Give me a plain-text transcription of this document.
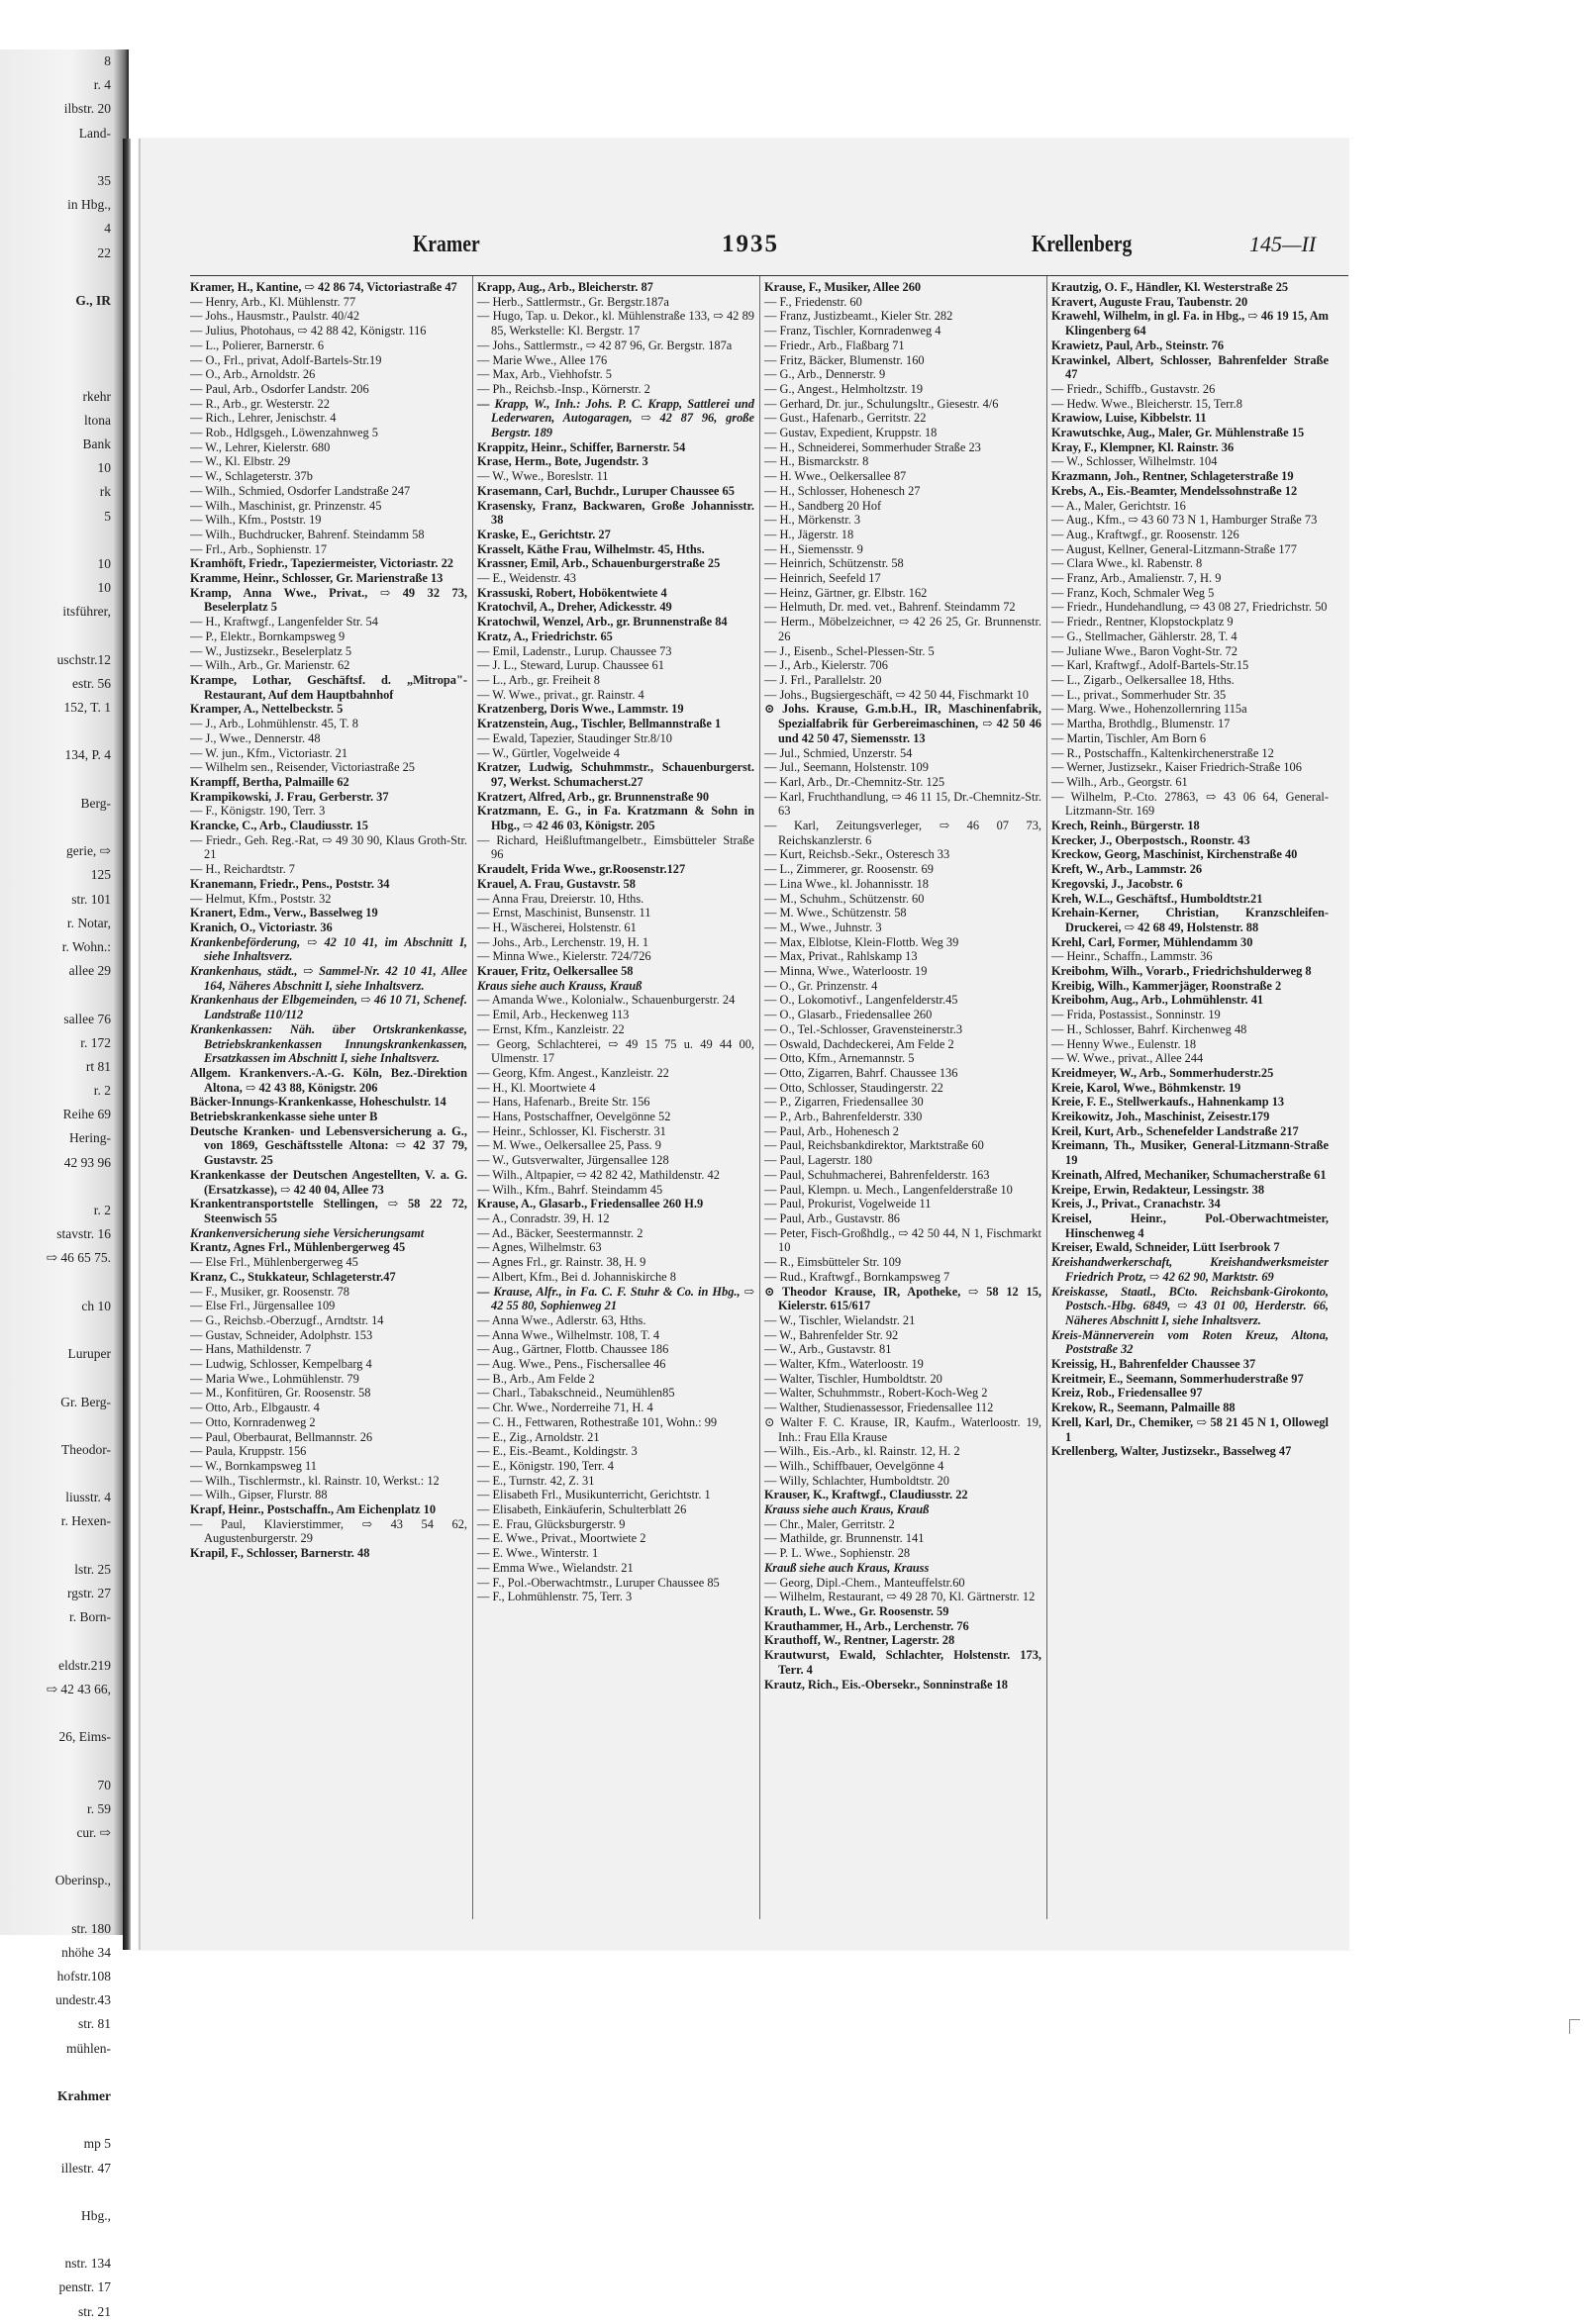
8
r. 4
ilbstr. 20
Land-
35
in Hbg.,
4
22
G., IR
rkehr
ltona
Bank
10
rk
5
10
10
itsführer,
uschstr.12
estr. 56
152, T. 1
134, P. 4
Berg-
gerie, ⇨
125
str. 101
r. Notar,
r. Wohn.:
allee 29
sallee 76
r. 172
rt 81
r. 2
Reihe 69
Hering-
42 93 96
r. 2
stavstr. 16
⇨ 46 65 75.
ch 10
Luruper
Gr. Berg-
Theodor-
liusstr. 4
r. Hexen-
lstr. 25
rgstr. 27
r. Born-
eldstr.219
⇨ 42 43 66,
26, Eims-
70
r. 59
cur. ⇨
Oberinsp.,
str. 180
nhöhe 34
hofstr.108
undestr.43
str. 81
mühlen-
Krahmer
mp 5
illestr. 47
Hbg.,
nstr. 134
penstr. 17
str. 21
Kramer	1935	Krellenberg	145—II

Kramer, H., Kantine, ⇨ 42 86 74, Victoriastraße 47

— Henry, Arb., Kl. Mühlenstr. 77

— Johs., Hausmstr., Paulstr. 40/42

— Julius, Photohaus, ⇨ 42 88 42, Königstr. 116

— L., Polierer, Barnerstr. 6

— O., Frl., privat, Adolf-Bartels-Str.19

— O., Arb., Arnoldstr. 26

— Paul, Arb., Osdorfer Landstr. 206

— R., Arb., gr. Westerstr. 22

— Rich., Lehrer, Jenischstr. 4

— Rob., Hdlgsgeh., Löwenzahnweg 5

— W., Lehrer, Kielerstr. 680

— W., Kl. Elbstr. 29

— W., Schlageterstr. 37b

— Wilh., Schmied, Osdorfer Landstraße 247

— Wilh., Maschinist, gr. Prinzenstr. 45

— Wilh., Kfm., Poststr. 19

— Wilh., Buchdrucker, Bahrenf. Steindamm 58

— Frl., Arb., Sophienstr. 17

Kramhöft, Friedr., Tapeziermeister, Victoriastr. 22

Kramme, Heinr., Schlosser, Gr. Marienstraße 13

Kramp, Anna Wwe., Privat., ⇨ 49 32 73, Beselerplatz 5

— H., Kraftwgf., Langenfelder Str. 54

— P., Elektr., Bornkampsweg 9

— W., Justizsekr., Beselerplatz 5

— Wilh., Arb., Gr. Marienstr. 62

Krampe, Lothar, Geschäftsf. d. „Mitropa"-Restaurant, Auf dem Hauptbahnhof

Kramper, A., Nettelbeckstr. 5

— J., Arb., Lohmühlenstr. 45, T. 8

— J., Wwe., Dennerstr. 48

— W. jun., Kfm., Victoriastr. 21

— Wilhelm sen., Reisender, Victoriastraße 25

Krampff, Bertha, Palmaille 62

Krampikowski, J. Frau, Gerberstr. 37

— F., Königstr. 190, Terr. 3

Krancke, C., Arb., Claudiusstr. 15

— Friedr., Geh. Reg.-Rat, ⇨ 49 30 90, Klaus Groth-Str. 21

— H., Reichardtstr. 7

Kranemann, Friedr., Pens., Poststr. 34

— Helmut, Kfm., Poststr. 32

Kranert, Edm., Verw., Basselweg 19

Kranich, O., Victoriastr. 36

Krankenbeförderung, ⇨ 42 10 41, im Abschnitt I, siehe Inhaltsverz.

Krankenhaus, städt., ⇨ Sammel-Nr. 42 10 41, Allee 164, Näheres Abschnitt I, siehe Inhaltsverz.

Krankenhaus der Elbgemeinden, ⇨ 46 10 71, Schenef. Landstraße 110/112

Krankenkassen: Näh. über Ortskrankenkasse, Betriebskrankenkassen Innungskrankenkassen, Ersatzkassen im Abschnitt I, siehe Inhaltsverz.

Allgem. Krankenvers.-A.-G. Köln, Bez.-Direktion Altona, ⇨ 42 43 88, Königstr. 206

Bäcker-Innungs-Krankenkasse, Hoheschulstr. 14

Betriebskrankenkasse siehe unter B

Deutsche Kranken- und Lebensversicherung a. G., von 1869, Geschäftsstelle Altona: ⇨ 42 37 79, Gustavstr. 25

Krankenkasse der Deutschen Angestellten, V. a. G. (Ersatzkasse), ⇨ 42 40 04, Allee 73

Krankentransportstelle Stellingen, ⇨ 58 22 72, Steenwisch 55

Krankenversicherung siehe Versicherungsamt

Krantz, Agnes Frl., Mühlenbergerweg 45

— Else Frl., Mühlenbergerweg 45

Kranz, C., Stukkateur, Schlageterstr.47

— F., Musiker, gr. Roosenstr. 78

— Else Frl., Jürgensallee 109

— G., Reichsb.-Oberzugf., Arndtstr. 14

— Gustav, Schneider, Adolphstr. 153

— Hans, Mathildenstr. 7

— Ludwig, Schlosser, Kempelbarg 4

— Maria Wwe., Lohmühlenstr. 79

— M., Konfitüren, Gr. Roosenstr. 58

— Otto, Arb., Elbgaustr. 4

— Otto, Kornradenweg 2

— Paul, Oberbaurat, Bellmannstr. 26

— Paula, Kruppstr. 156

— W., Bornkampsweg 11

— Wilh., Tischlermstr., kl. Rainstr. 10, Werkst.: 12

— Wilh., Gipser, Flurstr. 88

Krapf, Heinr., Postschaffn., Am Eichenplatz 10

— Paul, Klavierstimmer, ⇨ 43 54 62, Augustenburgerstr. 29

Krapil, F., Schlosser, Barnerstr. 48

Krapp, Aug., Arb., Bleicherstr. 87

— Herb., Sattlermstr., Gr. Bergstr.187a

— Hugo, Tap. u. Dekor., kl. Mühlenstraße 133, ⇨ 42 89 85, Werkstelle: Kl. Bergstr. 17

— Johs., Sattlermstr., ⇨ 42 87 96, Gr. Bergstr. 187a

— Marie Wwe., Allee 176

— Max, Arb., Viehhofstr. 5

— Ph., Reichsb.-Insp., Körnerstr. 2

— Krapp, W., Inh.: Johs. P. C. Krapp, Sattlerei und Lederwaren, Autogaragen, ⇨ 42 87 96, große Bergstr. 189

Krappitz, Heinr., Schiffer, Barnerstr. 54

Krase, Herm., Bote, Jugendstr. 3

— W., Wwe., Boreslstr. 11

Krasemann, Carl, Buchdr., Luruper Chaussee 65

Krasensky, Franz, Backwaren, Große Johannisstr. 38

Kraske, E., Gerichtstr. 27

Krasselt, Käthe Frau, Wilhelmstr. 45, Hths.

Krassner, Emil, Arb., Schauenburgerstraße 25

— E., Weidenstr. 43

Krassuski, Robert, Hobökentwiete 4

Kratochvil, A., Dreher, Adickesstr. 49

Kratochwil, Wenzel, Arb., gr. Brunnenstraße 84

Kratz, A., Friedrichstr. 65

— Emil, Ladenstr., Lurup. Chaussee 73

— J. L., Steward, Lurup. Chaussee 61

— L., Arb., gr. Freiheit 8

— W. Wwe., privat., gr. Rainstr. 4

Kratzenberg, Doris Wwe., Lammstr. 19

Kratzenstein, Aug., Tischler, Bellmannstraße 1

— Ewald, Tapezier, Staudinger Str.8/10

— W., Gürtler, Vogelweide 4

Kratzer, Ludwig, Schuhmmstr., Schauenburgerst. 97, Werkst. Schumacherst.27

Kratzert, Alfred, Arb., gr. Brunnenstraße 90

Kratzmann, E. G., in Fa. Kratzmann & Sohn in Hbg., ⇨ 42 46 03, Königstr. 205

— Richard, Heißluftmangelbetr., Eimsbütteler Straße 96

Kraudelt, Frida Wwe., gr.Roosenstr.127

Krauel, A. Frau, Gustavstr. 58

— Anna Frau, Dreierstr. 10, Hths.

— Ernst, Maschinist, Bunsenstr. 11

— H., Wäscherei, Holstenstr. 61

— Johs., Arb., Lerchenstr. 19, H. 1

— Minna Wwe., Kielerstr. 724/726

Krauer, Fritz, Oelkersallee 58

Kraus siehe auch Krauss, Krauß

— Amanda Wwe., Kolonialw., Schauenburgerstr. 24

— Emil, Arb., Heckenweg 113

— Ernst, Kfm., Kanzleistr. 22

— Georg, Schlachterei, ⇨ 49 15 75 u. 49 44 00, Ulmenstr. 17

— Georg, Kfm. Angest., Kanzleistr. 22

— H., Kl. Moortwiete 4

— Hans, Hafenarb., Breite Str. 156

— Hans, Postschaffner, Oevelgönne 52

— Heinr., Schlosser, Kl. Fischerstr. 31

— M. Wwe., Oelkersallee 25, Pass. 9

— W., Gutsverwalter, Jürgensallee 128

— Wilh., Altpapier, ⇨ 42 82 42, Mathildenstr. 42

— Wilh., Kfm., Bahrf. Steindamm 45

Krause, A., Glasarb., Friedensallee 260 H.9

— A., Conradstr. 39, H. 12

— Ad., Bäcker, Seestermannstr. 2

— Agnes, Wilhelmstr. 63

— Agnes Frl., gr. Rainstr. 38, H. 9

— Albert, Kfm., Bei d. Johanniskirche 8

— Krause, Alfr., in Fa. C. F. Stuhr & Co. in Hbg., ⇨ 42 55 80, Sophienweg 21

— Anna Wwe., Adlerstr. 63, Hths.

— Anna Wwe., Wilhelmstr. 108, T. 4

— Aug., Gärtner, Flottb. Chaussee 186

— Aug. Wwe., Pens., Fischersallee 46

— B., Arb., Am Felde 2

— Charl., Tabakschneid., Neumühlen85

— Chr. Wwe., Norderreihe 71, H. 4

— C. H., Fettwaren, Rothestraße 101, Wohn.: 99

— E., Zig., Arnoldstr. 21

— E., Eis.-Beamt., Koldingstr. 3

— E., Königstr. 190, Terr. 4

— E., Turnstr. 42, Z. 31

— Elisabeth Frl., Musikunterricht, Gerichtstr. 1

— Elisabeth, Einkäuferin, Schulterblatt 26

— E. Frau, Glücksburgerstr. 9

— E. Wwe., Privat., Moortwiete 2

— E. Wwe., Winterstr. 1

— Emma Wwe., Wielandstr. 21

— F., Pol.-Oberwachtmstr., Luruper Chaussee 85

— F., Lohmühlenstr. 75, Terr. 3

Krause, F., Musiker, Allee 260

— F., Friedenstr. 60

— Franz, Justizbeamt., Kieler Str. 282

— Franz, Tischler, Kornradenweg 4

— Friedr., Arb., Flaßbarg 71

— Fritz, Bäcker, Blumenstr. 160

— G., Arb., Dennerstr. 9

— G., Angest., Helmholtzstr. 19

— Gerhard, Dr. jur., Schulungsltr., Giesestr. 4/6

— Gust., Hafenarb., Gerritstr. 22

— Gustav, Expedient, Kruppstr. 18

— H., Schneiderei, Sommerhuder Straße 23

— H., Bismarckstr. 8

— H. Wwe., Oelkersallee 87

— H., Schlosser, Hohenesch 27

— H., Sandberg 20 Hof

— H., Mörkenstr. 3

— H., Jägerstr. 18

— H., Siemensstr. 9

— Heinrich, Schützenstr. 58

— Heinrich, Seefeld 17

— Heinz, Gärtner, gr. Elbstr. 162

— Helmuth, Dr. med. vet., Bahrenf. Steindamm 72

— Herm., Möbelzeichner, ⇨ 42 26 25, Gr. Brunnenstr. 26

— J., Eisenb., Schel-Plessen-Str. 5

— J., Arb., Kielerstr. 706

— J. Frl., Parallelstr. 20

— Johs., Bugsiergeschäft, ⇨ 42 50 44, Fischmarkt 10

⊙ Johs. Krause, G.m.b.H., IR, Maschinenfabrik, Spezialfabrik für Gerbereimaschinen, ⇨ 42 50 46 und 42 50 47, Siemensstr. 13

— Jul., Schmied, Unzerstr. 54

— Jul., Seemann, Holstenstr. 109

— Karl, Arb., Dr.-Chemnitz-Str. 125

— Karl, Fruchthandlung, ⇨ 46 11 15, Dr.-Chemnitz-Str. 63

— Karl, Zeitungsverleger, ⇨ 46 07 73, Reichskanzlerstr. 6

— Kurt, Reichsb.-Sekr., Osteresch 33

— L., Zimmerer, gr. Roosenstr. 69

— Lina Wwe., kl. Johannisstr. 18

— M., Schuhm., Schützenstr. 60

— M. Wwe., Schützenstr. 58

— M., Wwe., Juhnstr. 3

— Max, Elblotse, Klein-Flottb. Weg 39

— Max, Privat., Rahlskamp 13

— Minna, Wwe., Waterloostr. 19

— O., Gr. Prinzenstr. 4

— O., Lokomotivf., Langenfelderstr.45

— O., Glasarb., Friedensallee 260

— O., Tel.-Schlosser, Gravensteinerstr.3

— Oswald, Dachdeckerei, Am Felde 2

— Otto, Kfm., Arnemannstr. 5

— Otto, Zigarren, Bahrf. Chaussee 136

— Otto, Schlosser, Staudingerstr. 22

— P., Zigarren, Friedensallee 30

— P., Arb., Bahrenfelderstr. 330

— Paul, Arb., Hohenesch 2

— Paul, Reichsbankdirektor, Marktstraße 60

— Paul, Lagerstr. 180

— Paul, Schuhmacherei, Bahrenfelderstr. 163

— Paul, Klempn. u. Mech., Langenfelderstraße 10

— Paul, Prokurist, Vogelweide 11

— Paul, Arb., Gustavstr. 86

— Peter, Fisch-Großhdlg., ⇨ 42 50 44, N 1, Fischmarkt 10

— R., Eimsbütteler Str. 109

— Rud., Kraftwgf., Bornkampsweg 7

⊙ Theodor Krause, IR, Apotheke, ⇨ 58 12 15, Kielerstr. 615/617

— W., Tischler, Wielandstr. 21

— W., Bahrenfelder Str. 92

— W., Arb., Gustavstr. 81

— Walter, Kfm., Waterloostr. 19

— Walter, Tischler, Humboldtstr. 20

— Walter, Schuhmmstr., Robert-Koch-Weg 2

— Walther, Studienassessor, Friedensallee 112

⊙ Walter F. C. Krause, IR, Kaufm., Waterloostr. 19, Inh.: Frau Ella Krause

— Wilh., Eis.-Arb., kl. Rainstr. 12, H. 2

— Wilh., Schiffbauer, Oevelgönne 4

— Willy, Schlachter, Humboldtstr. 20

Krauser, K., Kraftwgf., Claudiusstr. 22

Krauss siehe auch Kraus, Krauß

— Chr., Maler, Gerritstr. 2

— Mathilde, gr. Brunnenstr. 141

— P. L. Wwe., Sophienstr. 28

Krauß siehe auch Kraus, Krauss

— Georg, Dipl.-Chem., Manteuffelstr.60

— Wilhelm, Restaurant, ⇨ 49 28 70, Kl. Gärtnerstr. 12

Krauth, L. Wwe., Gr. Roosenstr. 59

Krauthammer, H., Arb., Lerchenstr. 76

Krauthoff, W., Rentner, Lagerstr. 28

Krautwurst, Ewald, Schlachter, Holstenstr. 173, Terr. 4

Krautz, Rich., Eis.-Obersekr., Sonninstraße 18

Krautzig, O. F., Händler, Kl. Westerstraße 25

Kravert, Auguste Frau, Taubenstr. 20

Krawehl, Wilhelm, in gl. Fa. in Hbg., ⇨ 46 19 15, Am Klingenberg 64

Krawietz, Paul, Arb., Steinstr. 76

Krawinkel, Albert, Schlosser, Bahrenfelder Straße 47

— Friedr., Schiffb., Gustavstr. 26

— Hedw. Wwe., Bleicherstr. 15, Terr.8

Krawiow, Luise, Kibbelstr. 11

Krawutschke, Aug., Maler, Gr. Mühlenstraße 15

Kray, F., Klempner, Kl. Rainstr. 36

— W., Schlosser, Wilhelmstr. 104

Krazmann, Joh., Rentner, Schlageterstraße 19

Krebs, A., Eis.-Beamter, Mendelssohnstraße 12

— A., Maler, Gerichtstr. 16

— Aug., Kfm., ⇨ 43 60 73 N 1, Hamburger Straße 73

— Aug., Kraftwgf., gr. Roosenstr. 126

— August, Kellner, General-Litzmann-Straße 177

— Clara Wwe., kl. Rabenstr. 8

— Franz, Arb., Amalienstr. 7, H. 9

— Franz, Koch, Schmaler Weg 5

— Friedr., Hundehandlung, ⇨ 43 08 27, Friedrichstr. 50

— Friedr., Rentner, Klopstockplatz 9

— G., Stellmacher, Gählerstr. 28, T. 4

— Juliane Wwe., Baron Voght-Str. 72

— Karl, Kraftwgf., Adolf-Bartels-Str.15

— L., Zigarb., Oelkersallee 18, Hths.

— L., privat., Sommerhuder Str. 35

— Marg. Wwe., Hohenzollernring 115a

— Martha, Brothdlg., Blumenstr. 17

— Martin, Tischler, Am Born 6

— R., Postschaffn., Kaltenkirchenerstraße 12

— Werner, Justizsekr., Kaiser Friedrich-Straße 106

— Wilh., Arb., Georgstr. 61

— Wilhelm, P.-Cto. 27863, ⇨ 43 06 64, General-Litzmann-Str. 169

Krech, Reinh., Bürgerstr. 18

Krecker, J., Oberpostsch., Roonstr. 43

Kreckow, Georg, Maschinist, Kirchenstraße 40

Kreft, W., Arb., Lammstr. 26

Kregovski, J., Jacobstr. 6

Kreh, W.L., Geschäftsf., Humboldtstr.21

Krehain-Kerner, Christian, Kranzschleifen-Druckerei, ⇨ 42 68 49, Holstenstr. 88

Krehl, Carl, Former, Mühlendamm 30

— Heinr., Schaffn., Lammstr. 36

Kreibohm, Wilh., Vorarb., Friedrichshulderweg 8

Kreibig, Wilh., Kammerjäger, Roonstraße 2

Kreibohm, Aug., Arb., Lohmühlenstr. 41

— Frida, Postassist., Sonninstr. 19

— H., Schlosser, Bahrf. Kirchenweg 48

— Henny Wwe., Eulenstr. 18

— W. Wwe., privat., Allee 244

Kreidmeyer, W., Arb., Sommerhuderstr.25

Kreie, Karol, Wwe., Böhmkenstr. 19

Kreie, F. E., Stellwerkaufs., Hahnenkamp 13

Kreikowitz, Joh., Maschinist, Zeisestr.179

Kreil, Kurt, Arb., Schenefelder Landstraße 217

Kreimann, Th., Musiker, General-Litzmann-Straße 19

Kreinath, Alfred, Mechaniker, Schumacherstraße 61

Kreipe, Erwin, Redakteur, Lessingstr. 38

Kreis, J., Privat., Cranachstr. 34

Kreisel, Heinr., Pol.-Oberwachtmeister, Hinschenweg 4

Kreiser, Ewald, Schneider, Lütt Iserbrook 7

Kreishandwerkerschaft, Kreishandwerksmeister Friedrich Protz, ⇨ 42 62 90, Marktstr. 69

Kreiskasse, Staatl., BCto. Reichsbank-Girokonto, Postsch.-Hbg. 6849, ⇨ 43 01 00, Herderstr. 66, Näheres Abschnitt I, siehe Inhaltsverz.

Kreis-Männerverein vom Roten Kreuz, Altona, Poststraße 32

Kreissig, H., Bahrenfelder Chaussee 37

Kreitmeir, E., Seemann, Sommerhuderstraße 97

Kreiz, Rob., Friedensallee 97

Krekow, R., Seemann, Palmaille 88

Krell, Karl, Dr., Chemiker, ⇨ 58 21 45 N 1, Ollowegl 1

Krellenberg, Walter, Justizsekr., Basselweg 47
